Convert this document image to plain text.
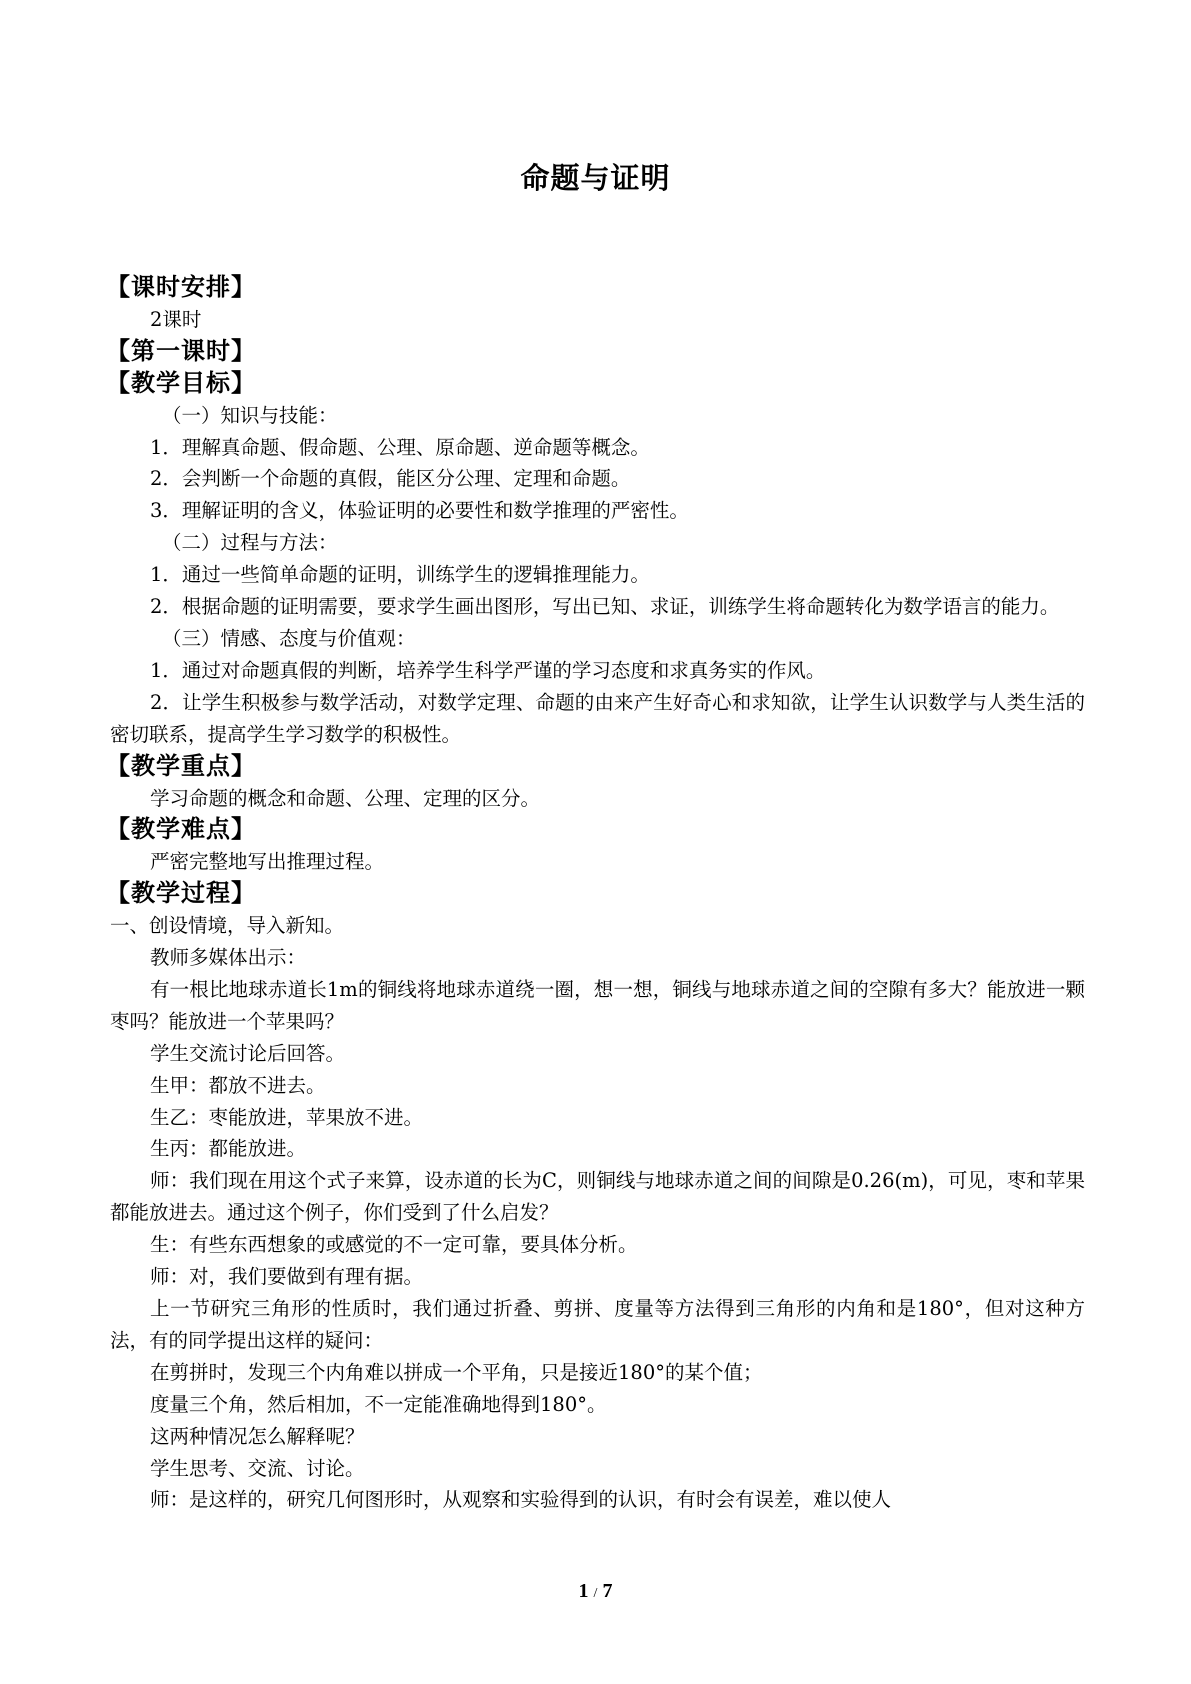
命题与证明
【课时安排】
2课时
【第一课时】
【教学目标】
（一）知识与技能：
1．理解真命题、假命题、公理、原命题、逆命题等概念。
2．会判断一个命题的真假，能区分公理、定理和命题。
3．理解证明的含义，体验证明的必要性和数学推理的严密性。
（二）过程与方法：
1．通过一些简单命题的证明，训练学生的逻辑推理能力。
2．根据命题的证明需要，要求学生画出图形，写出已知、求证，训练学生将命题转化为数学语言的能力。
（三）情感、态度与价值观：
1．通过对命题真假的判断，培养学生科学严谨的学习态度和求真务实的作风。
2．让学生积极参与数学活动，对数学定理、命题的由来产生好奇心和求知欲，让学生认识数学与人类生活的密切联系，提高学生学习数学的积极性。
【教学重点】
学习命题的概念和命题、公理、定理的区分。
【教学难点】
严密完整地写出推理过程。
【教学过程】
一、创设情境，导入新知。
教师多媒体出示：
有一根比地球赤道长1m的铜线将地球赤道绕一圈，想一想，铜线与地球赤道之间的空隙有多大？能放进一颗枣吗？能放进一个苹果吗？
学生交流讨论后回答。
生甲：都放不进去。
生乙：枣能放进，苹果放不进。
生丙：都能放进。
师：我们现在用这个式子来算，设赤道的长为C，则铜线与地球赤道之间的间隙是0.26(m)，可见，枣和苹果都能放进去。通过这个例子，你们受到了什么启发？
生：有些东西想象的或感觉的不一定可靠，要具体分析。
师：对，我们要做到有理有据。
上一节研究三角形的性质时，我们通过折叠、剪拼、度量等方法得到三角形的内角和是180°，但对这种方法，有的同学提出这样的疑问：
在剪拼时，发现三个内角难以拼成一个平角，只是接近180°的某个值；
度量三个角，然后相加，不一定能准确地得到180°。
这两种情况怎么解释呢？
学生思考、交流、讨论。
师：是这样的，研究几何图形时，从观察和实验得到的认识，有时会有误差，难以使人
1 / 7
